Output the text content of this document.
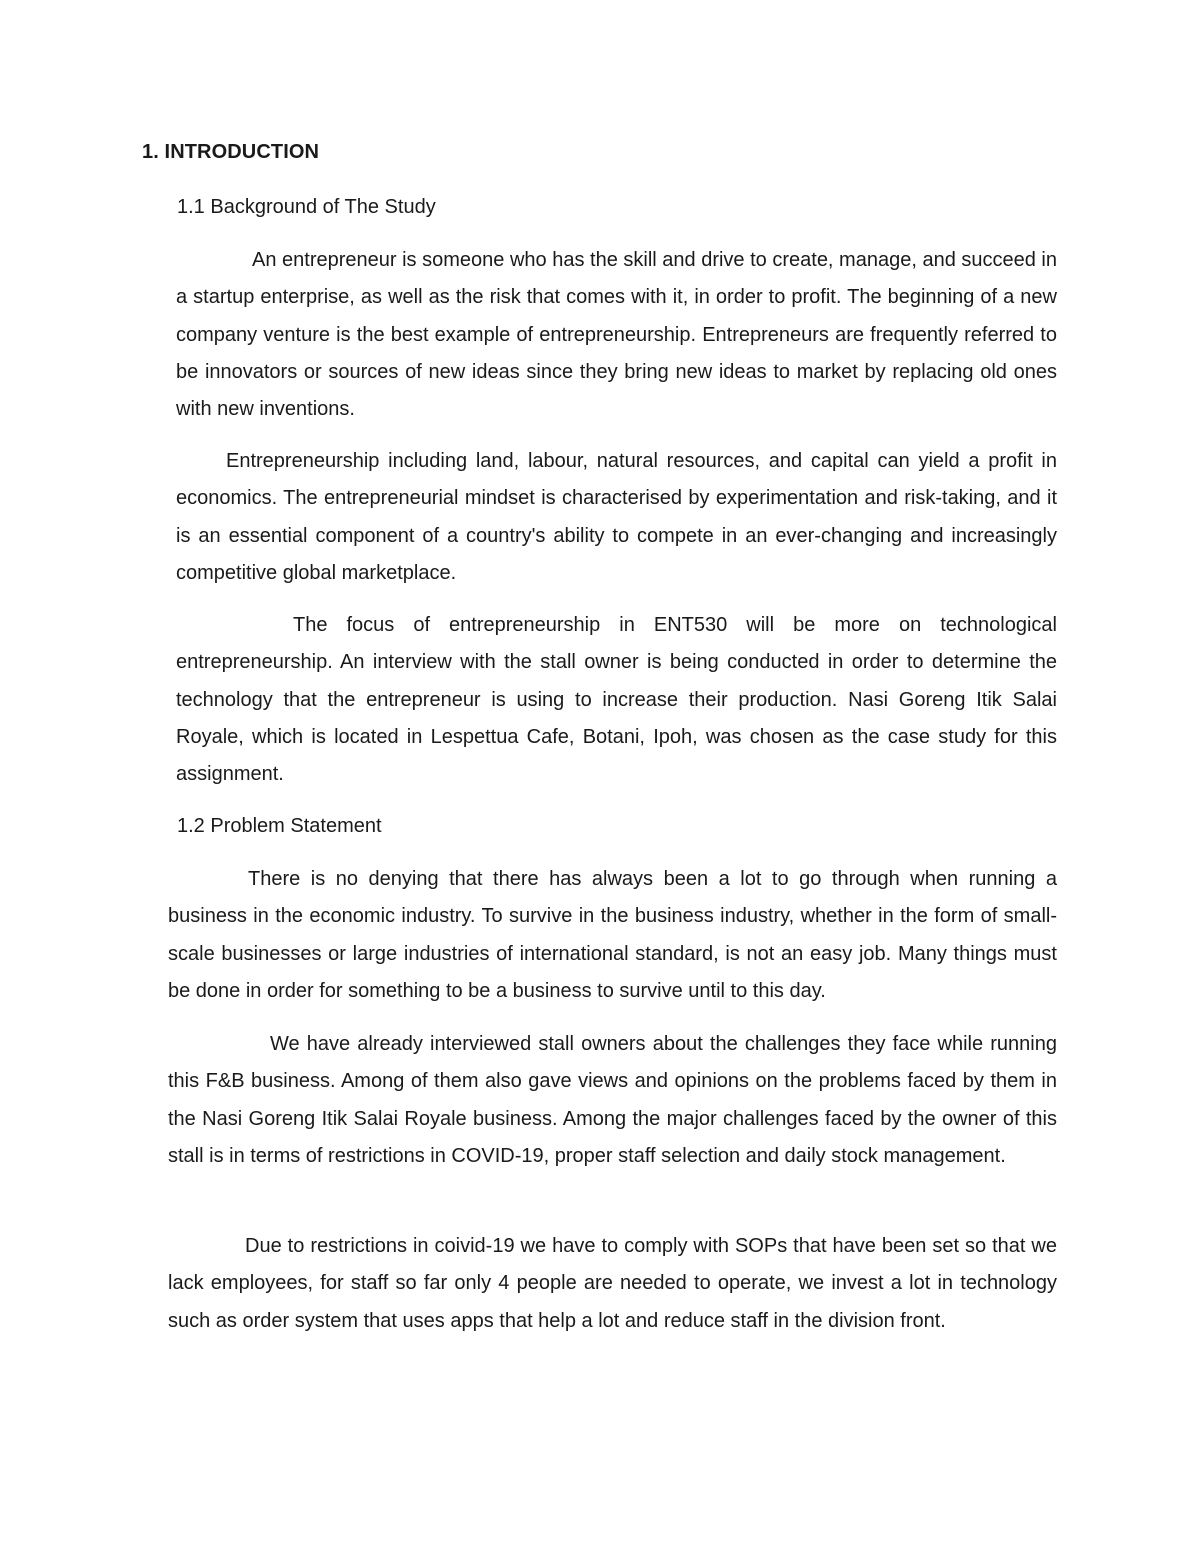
1. INTRODUCTION
1.1 Background of The Study

An entrepreneur is someone who has the skill and drive to create, manage, and succeed in a startup enterprise, as well as the risk that comes with it, in order to profit. The beginning of a new company venture is the best example of entrepreneurship. Entrepreneurs are frequently referred to be innovators or sources of new ideas since they bring new ideas to market by replacing old ones with new inventions.

Entrepreneurship including land, labour, natural resources, and capital can yield a profit in economics. The entrepreneurial mindset is characterised by experimentation and risk-taking, and it is an essential component of a country's ability to compete in an ever-changing and increasingly competitive global marketplace.

The focus of entrepreneurship in ENT530 will be more on technological entrepreneurship. An interview with the stall owner is being conducted in order to determine the technology that the entrepreneur is using to increase their production. Nasi Goreng Itik Salai Royale, which is located in Lespettua Cafe, Botani, Ipoh, was chosen as the case study for this assignment.

1.2 Problem Statement

There is no denying that there has always been a lot to go through when running a business in the economic industry. To survive in the business industry, whether in the form of small-scale businesses or large industries of international standard, is not an easy job. Many things must be done in order for something to be a business to survive until to this day.

We have already interviewed stall owners about the challenges they face while running this F&B business. Among of them also gave views and opinions on the problems faced by them in the Nasi Goreng Itik Salai Royale business. Among the major challenges faced by the owner of this stall is in terms of restrictions in COVID-19, proper staff selection and daily stock management.

Due to restrictions in coivid-19 we have to comply with SOPs that have been set so that we lack employees, for staff so far only 4 people are needed to operate, we invest a lot in technology such as order system that uses apps that help a lot and reduce staff in the division front.
